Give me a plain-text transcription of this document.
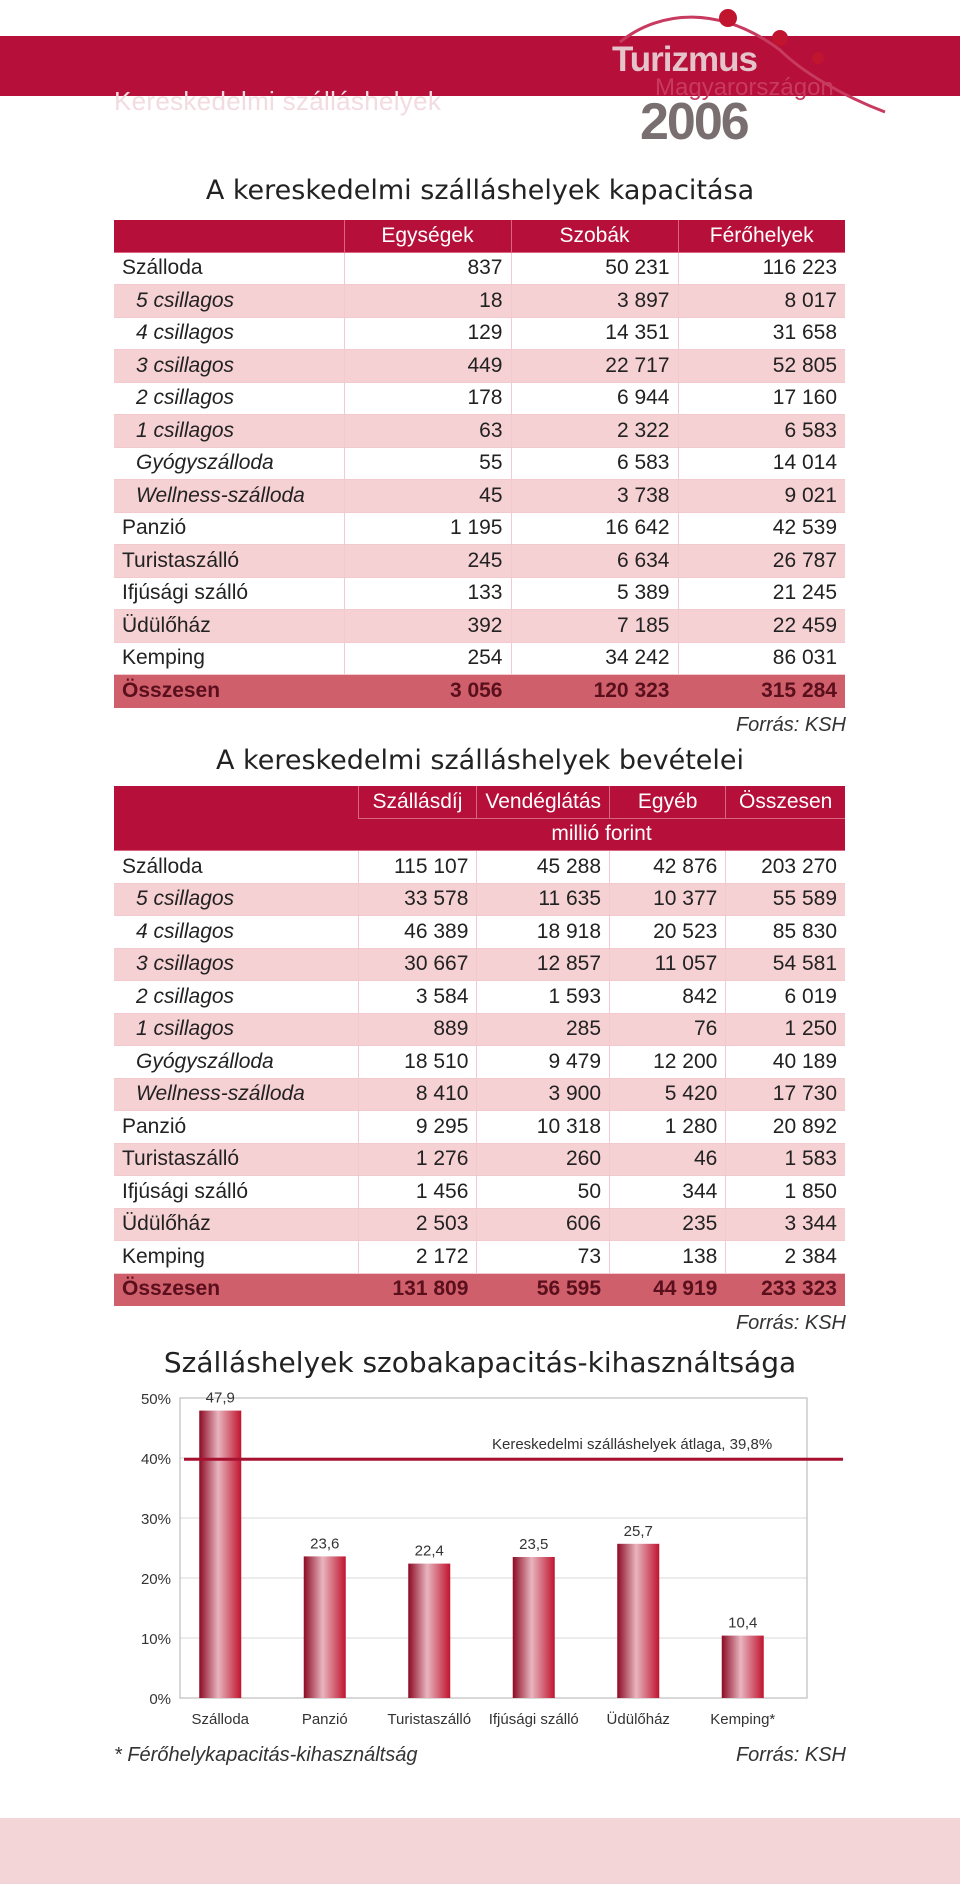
Kereskedelmi szálláshelyek
Turizmus
Magyarországon
2006
A kereskedelmi szálláshelyek kapacitása
	Egységek	Szobák	Férőhelyek
Szálloda	837	50 231	116 223
5 csillagos	18	3 897	8 017
4 csillagos	129	14 351	31 658
3 csillagos	449	22 717	52 805
2 csillagos	178	6 944	17 160
1 csillagos	63	2 322	6 583
Gyógyszálloda	55	6 583	14 014
Wellness-szálloda	45	3 738	9 021
Panzió	1 195	16 642	42 539
Turistaszálló	245	6 634	26 787
Ifjúsági szálló	133	5 389	21 245
Üdülőház	392	7 185	22 459
Kemping	254	34 242	86 031
Összesen	3 056	120 323	315 284
Forrás: KSH
A kereskedelmi szálláshelyek bevételei
	Szállásdíj	Vendéglátás	Egyéb	Összesen
	millió forint			
Szálloda	115 107	45 288	42 876	203 270
5 csillagos	33 578	11 635	10 377	55 589
4 csillagos	46 389	18 918	20 523	85 830
3 csillagos	30 667	12 857	11 057	54 581
2 csillagos	3 584	1 593	842	6 019
1 csillagos	889	285	76	1 250
Gyógyszálloda	18 510	9 479	12 200	40 189
Wellness-szálloda	8 410	3 900	5 420	17 730
Panzió	9 295	10 318	1 280	20 892
Turistaszálló	1 276	260	46	1 583
Ifjúsági szálló	1 456	50	344	1 850
Üdülőház	2 503	606	235	3 344
Kemping	2 172	73	138	2 384
Összesen	131 809	56 595	44 919	233 323
Forrás: KSH
Szálláshelyek szobakapacitás-kihasználtsága
0%
10%
20%
30%
40%
50% 47,9
Szálloda
23,6
Panzió
22,4
Turistaszálló
23,5
Ifjúsági szálló
25,7
Üdülőház
10,4
Kemping*
Kereskedelmi szálláshelyek átlaga, 39,8%
* Férőhelykapacitás-kihasználtság	Forrás: KSH
